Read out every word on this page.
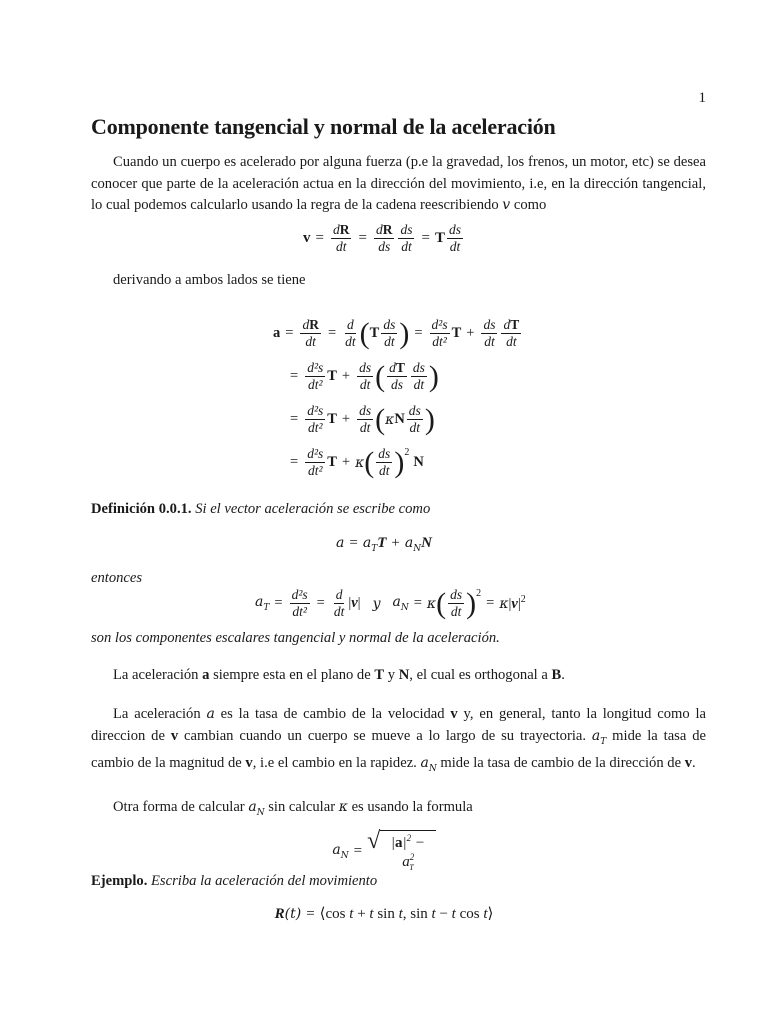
1
Componente tangencial y normal de la aceleración

Cuando un cuerpo es acelerado por alguna fuerza (p.e la gravedad, los frenos, un motor, etc) se desea conocer que parte de la aceleración actua en la dirección del movimiento, i.e, en la dirección tangencial, lo cual podemos calcularlo usando la regra de la cadena reescribiendo v como

$v = \frac{dR}{dt} = \frac{dR}{ds} \frac{ds}{dt} = T \frac{ds}{dt}$

derivando a ambos lados se tiene

$a = \frac{dR}{dt} = \frac{d}{dt}$ ( T $\frac{ds}{dt}$ ) = $\frac{\text{d²s}}{\text{dt²}}$ $T + \frac{ds}{dt} \frac{dT}{dt}$
= $\frac{\text{d²s}}{\text{dt²}}$ $T + \frac{ds}{dt}$ ( $\frac{dT}{ds} \frac{ds}{dt}$ )
= $\frac{\text{d²s}}{\text{dt²}}$ $T + \frac{ds}{dt}$ ( κ N $\frac{ds}{dt}$ )
= $\frac{\text{d²s}}{\text{dt²}}$ T + κ ( $\frac{ds}{dt} )^2$
N

Definición 0.0.1. Si el vector aceleración se escribe como

$a = a_TT + a_NN$

entonces

$a_T = \frac{\text{d²s}}{\text{dt²}} = \frac{d}{dt} |v|$ y $a_N = \kappa$ ( $\frac{ds}{dt} )^2$
= κ $|v|^2$

son los componentes escalares tangencial y normal de la aceleración.

La aceleración a siempre esta en el plano de T y N, el cual es orthogonal a B.

La aceleración a es la tasa de cambio de la velocidad v y, en general, tanto la longitud como la direccion de v cambian cuando un cuerpo se mueve a lo largo de su trayectoria. $a_T$ mide la tasa de cambio de la magnitud de v, i.e el cambio en la rapidez. $a_N$ mide la tasa de cambio de la dirección de v.

Otra forma de calcular $a_N$ sin calcular κ es usando la formula

$a_N$ = √ $|a|^2 - a^2_T$

Ejemplo. Escriba la aceleración del movimiento

R(t) = ⟨cos t + t sin t, sin t − t cos t⟩
